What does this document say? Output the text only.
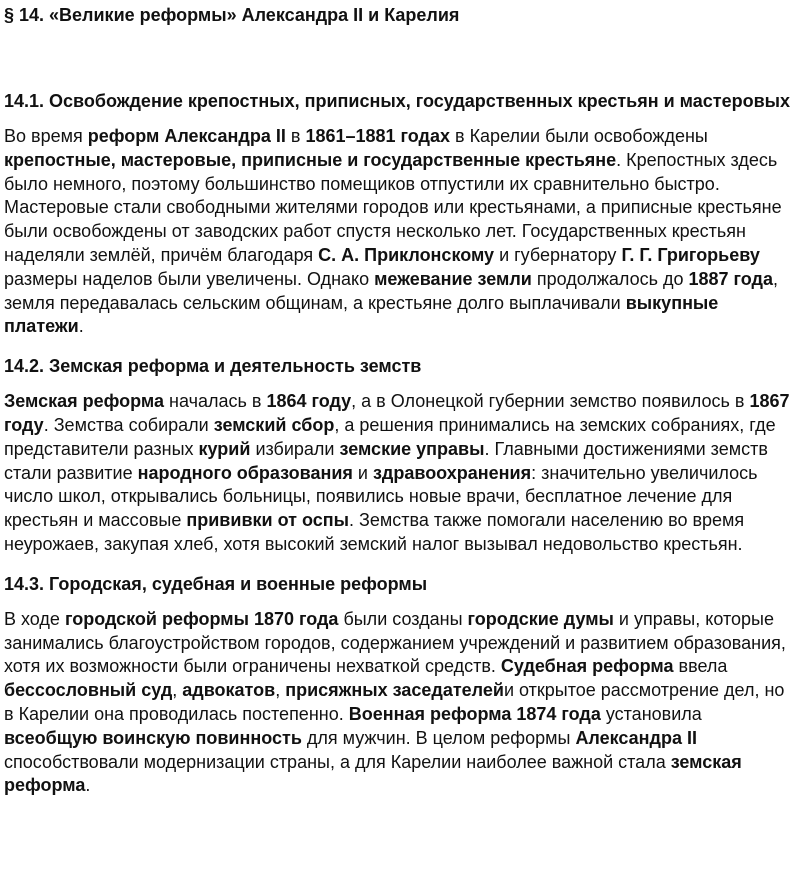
§ 14. «Великие реформы» Александра II и Карелия
14.1. Освобождение крепостных, приписных, государственных крестьян и мастеровых

Во время реформ Александра II в 1861–1881 годах в Карелии были освобождены крепостные, мастеровые, приписные и государственные крестьяне. Крепостных здесь было немного, поэтому большинство помещиков отпустили их сравнительно быстро. Мастеровые стали свободными жителями городов или крестьянами, а приписные крестьяне были освобождены от заводских работ спустя несколько лет. Государственных крестьян наделяли землёй, причём благодаря С. А. Приклонскому и губернатору Г. Г. Григорьеву размеры наделов были увеличены. Однако межевание земли продолжалось до 1887 года, земля передавалась сельским общинам, а крестьяне долго выплачивали выкупные платежи.

14.2. Земская реформа и деятельность земств

Земская реформа началась в 1864 году, а в Олонецкой губернии земство появилось в 1867 году. Земства собирали земский сбор, а решения принимались на земских собраниях, где представители разных курий избирали земские управы. Главными достижениями земств стали развитие народного образования и здравоохранения: значительно увеличилось число школ, открывались больницы, появились новые врачи, бесплатное лечение для крестьян и массовые прививки от оспы. Земства также помогали населению во время неурожаев, закупая хлеб, хотя высокий земский налог вызывал недовольство крестьян.

14.3. Городская, судебная и военные реформы

В ходе городской реформы 1870 года были созданы городские думы и управы, которые занимались благоустройством городов, содержанием учреждений и развитием образования, хотя их возможности были ограничены нехваткой средств. Судебная реформа ввела бессословный суд, адвокатов, присяжных заседателейи открытое рассмотрение дел, но в Карелии она проводилась постепенно. Военная реформа 1874 года установила всеобщую воинскую повинность для мужчин. В целом реформы Александра II способствовали модернизации страны, а для Карелии наиболее важной стала земская реформа.
